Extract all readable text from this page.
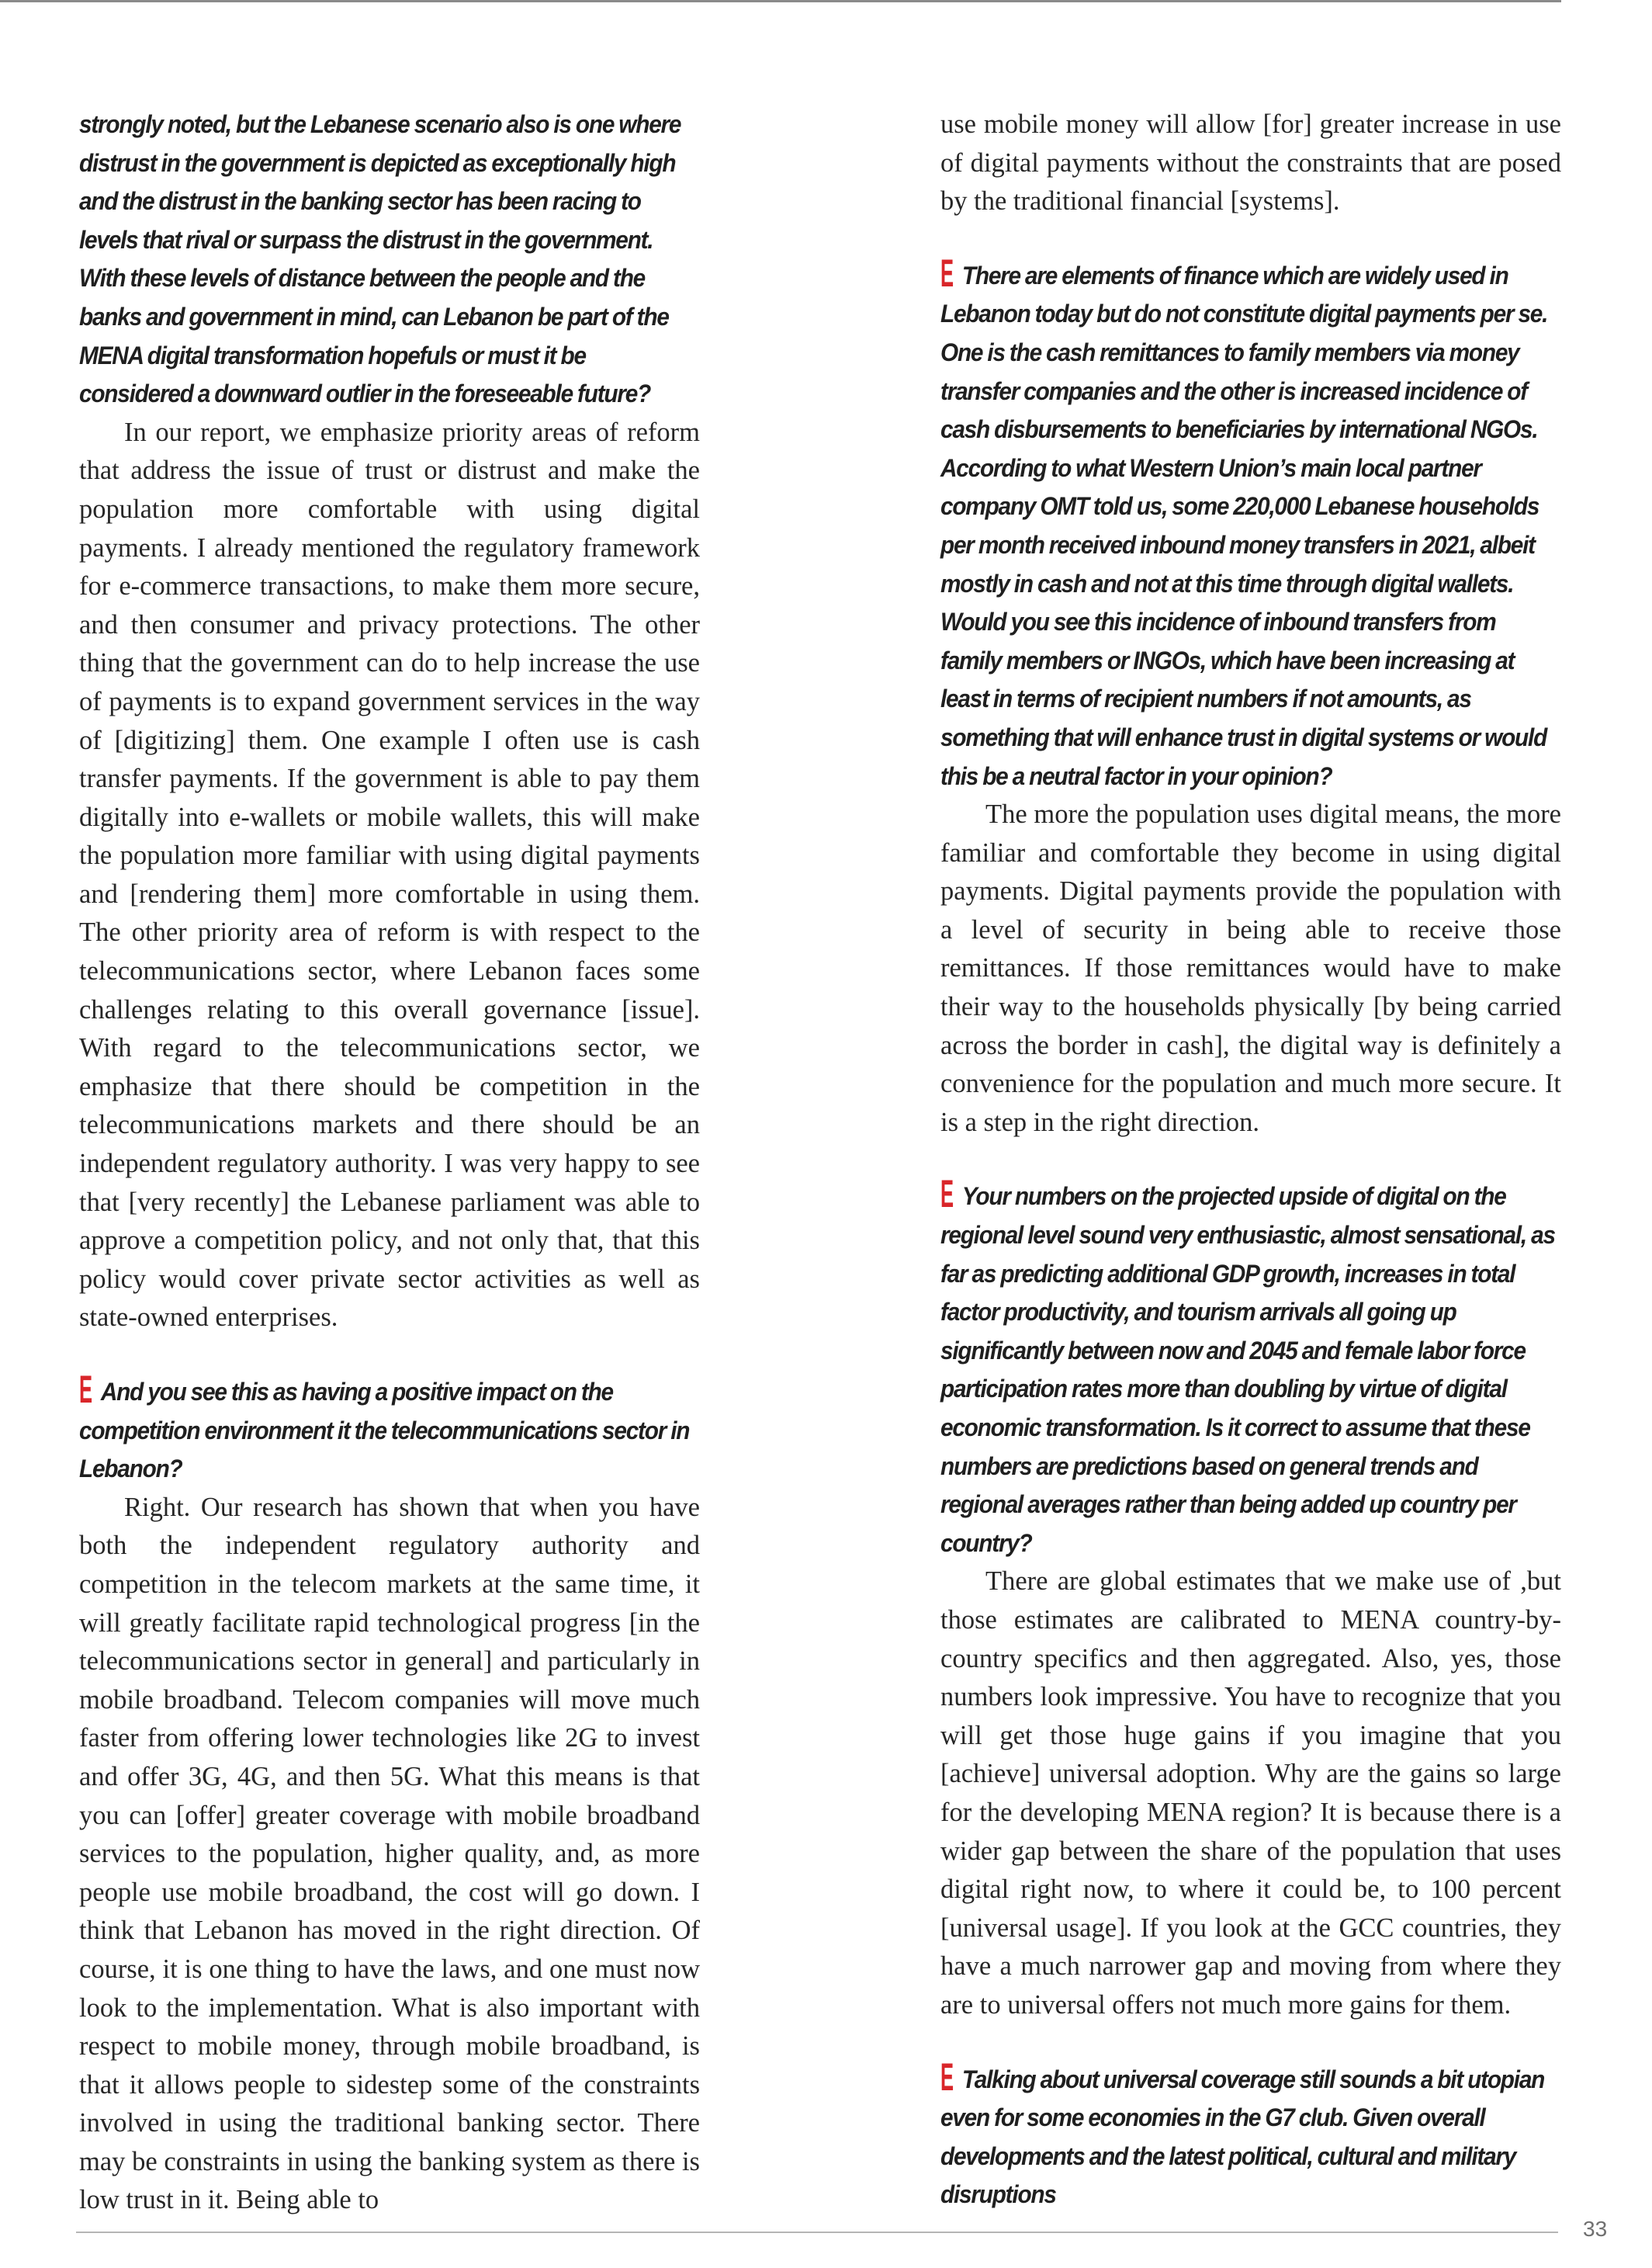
strongly noted, but the Lebanese scenario also is one where distrust in the government is depicted as exceptionally high and the distrust in the banking sector has been racing to levels that rival or surpass the distrust in the government. With these levels of distance between the people and the banks and government in mind, can Lebanon be part of the MENA digital transformation hopefuls or must it be considered a downward outlier in the foreseeable future?

In our report, we emphasize priority areas of reform that address the issue of trust or distrust and make the population more comfortable with using digital payments. I already mentioned the regulatory framework for e-commerce transactions, to make them more secure, and then consumer and privacy protections. The other thing that the government can do to help increase the use of payments is to expand government services in the way of [digitizing] them. One example I often use is cash transfer payments. If the government is able to pay them digitally into e-wallets or mobile wallets, this will make the population more familiar with using digital payments and [rendering them] more comfortable in using them. The other priority area of reform is with respect to the telecommunications sector, where Lebanon faces some challenges relating to this overall governance [issue]. With regard to the telecommunications sector, we emphasize that there should be competition in the telecommunications markets and there should be an independent regulatory authority. I was very happy to see that [very recently] the Lebanese parliament was able to approve a competition policy, and not only that, that this policy would cover private sector activities as well as state-owned enterprises.

E And you see this as having a positive impact on the competition environment it the telecommunications sector in Lebanon?

Right. Our research has shown that when you have both the independent regulatory authority and competition in the telecom markets at the same time, it will greatly facilitate rapid technological progress [in the telecommunications sector in general] and particularly in mobile broadband. Telecom companies will move much faster from offering lower technologies like 2G to invest and offer 3G, 4G, and then 5G. What this means is that you can [offer] greater coverage with mobile broadband services to the population, higher quality, and, as more people use mobile broadband, the cost will go down. I think that Lebanon has moved in the right direction. Of course, it is one thing to have the laws, and one must now look to the implementation. What is also important with respect to mobile money, through mobile broadband, is that it allows people to sidestep some of the constraints involved in using the traditional banking sector. There may be constraints in using the banking system as there is low trust in it. Being able to

use mobile money will allow [for] greater increase in use of digital payments without the constraints that are posed by the traditional financial [systems].

E There are elements of finance which are widely used in Lebanon today but do not constitute digital payments per se. One is the cash remittances to family members via money transfer companies and the other is increased incidence of cash disbursements to beneficiaries by international NGOs. According to what Western Union’s main local partner company OMT told us, some 220,000 Lebanese households per month received inbound money transfers in 2021, albeit mostly in cash and not at this time through digital wallets. Would you see this incidence of inbound transfers from family members or INGOs, which have been increasing at least in terms of recipient numbers if not amounts, as something that will enhance trust in digital systems or would this be a neutral factor in your opinion?

The more the population uses digital means, the more familiar and comfortable they become in using digital payments. Digital payments provide the population with a level of security in being able to receive those remittances. If those remittances would have to make their way to the households physically [by being carried across the border in cash], the digital way is definitely a convenience for the population and much more secure. It is a step in the right direction.

E Your numbers on the projected upside of digital on the regional level sound very enthusiastic, almost sensational, as far as predicting additional GDP growth, increases in total factor productivity, and tourism arrivals all going up significantly between now and 2045 and female labor force participation rates more than doubling by virtue of digital economic transformation. Is it correct to assume that these numbers are predictions based on general trends and regional averages rather than being added up country per country?

There are global estimates that we make use of ,but those estimates are calibrated to MENA country-by-country specifics and then aggregated. Also, yes, those numbers look impressive. You have to recognize that you will get those huge gains if you imagine that you [achieve] universal adoption. Why are the gains so large for the developing MENA region? It is because there is a wider gap between the share of the population that uses digital right now, to where it could be, to 100 percent [universal usage]. If you look at the GCC countries, they have a much narrower gap and moving from where they are to universal offers not much more gains for them.

E Talking about universal coverage still sounds a bit utopian even for some economies in the G7 club. Given overall developments and the latest political, cultural and military disruptions

33
